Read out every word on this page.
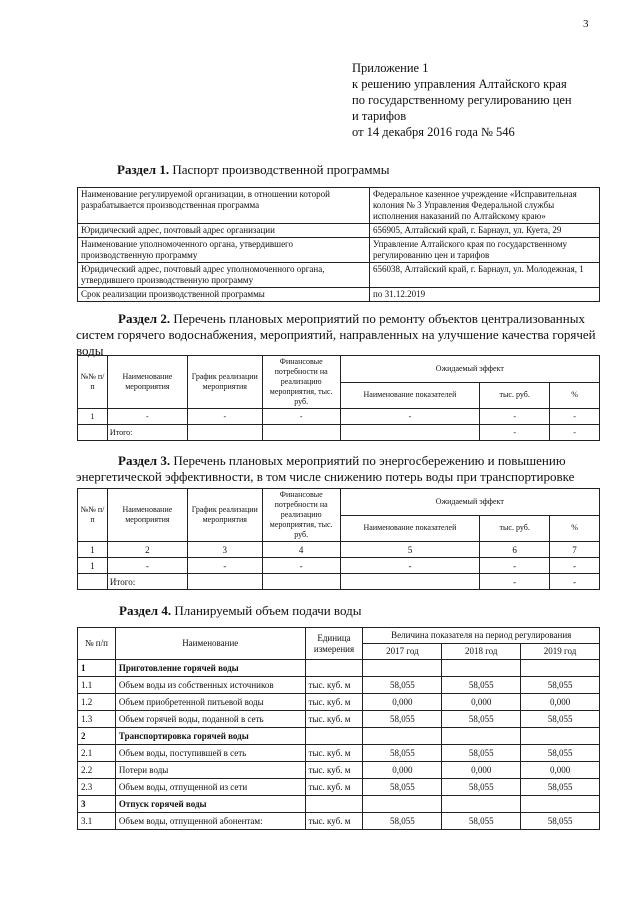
3
Приложение 1
к решению управления Алтайского края
по государственному регулированию цен
и тарифов
от 14 декабря 2016 года № 546
Раздел 1. Паспорт производственной программы
Наименование регулируемой организации, в отношении которой разрабатывается производственная программа	Федеральное казенное учреждение «Исправительная колония № 3 Управления Федеральной службы исполнения наказаний по Алтайскому краю»
Юридический адрес, почтовый адрес организации	656905, Алтайский край, г. Барнаул, ул. Куета, 29

Наименование уполномоченного органа, утвердившего производственную программу	Управление Алтайского края по государственному регулированию цен и тарифов
Юридический адрес, почтовый адрес уполномоченного органа, утвердившего производственную программу	656038, Алтайский край, г. Барнаул, ул. Молодежная, 1
Срок реализации производственной программы	по 31.12.2019
Раздел 2. Перечень плановых мероприятий по ремонту объектов централизованных систем горячего водоснабжения, мероприятий, направленных на улучшение качества горячей воды
№№ п/п	Наименование мероприятия	График реализации мероприятия	Финансовые потребности на реализацию мероприятия, тыс. руб.	Ожидаемый эффект		
				Наименование показателей	тыс. руб.	%
1	-	-	-	-	-	-
	Итого:				-	-
Раздел 3. Перечень плановых мероприятий по энергосбережению и повышению энергетической эффективности, в том числе снижению потерь воды при транспортировке
№№ п/п	Наименование мероприятия	График реализации мероприятия	Финансовые потребности на реализацию мероприятия, тыс. руб.	Ожидаемый эффект		
				Наименование показателей	тыс. руб.	%
1	2	3	4	5	6	7
1	-	-	-	-	-	-
	Итого:				-	-
Раздел 4. Планируемый объем подачи воды
№ п/п	Наименование	Единица измерения	Величина показателя на период регулирования		
			2017 год	2018 год	2019 год
1	Приготовление горячей воды				
1.1	Объем воды из собственных источников	тыс. куб. м	58,055	58,055	58,055
1.2	Объем приобретенной питьевой воды	тыс. куб. м	0,000	0,000	0,000
1.3	Объем горячей воды, поданной в сеть	тыс. куб. м	58,055	58,055	58,055
2	Транспортировка горячей воды				
2.1	Объем воды, поступившей в сеть	тыс. куб. м	58,055	58,055	58,055
2.2	Потери воды	тыс. куб. м	0,000	0,000	0,000
2.3	Объем воды, отпущенной из сети	тыс. куб. м	58,055	58,055	58,055
3	Отпуск горячей воды				
3.1	Объем воды, отпущенной абонентам:	тыс. куб. м	58,055	58,055	58,055
